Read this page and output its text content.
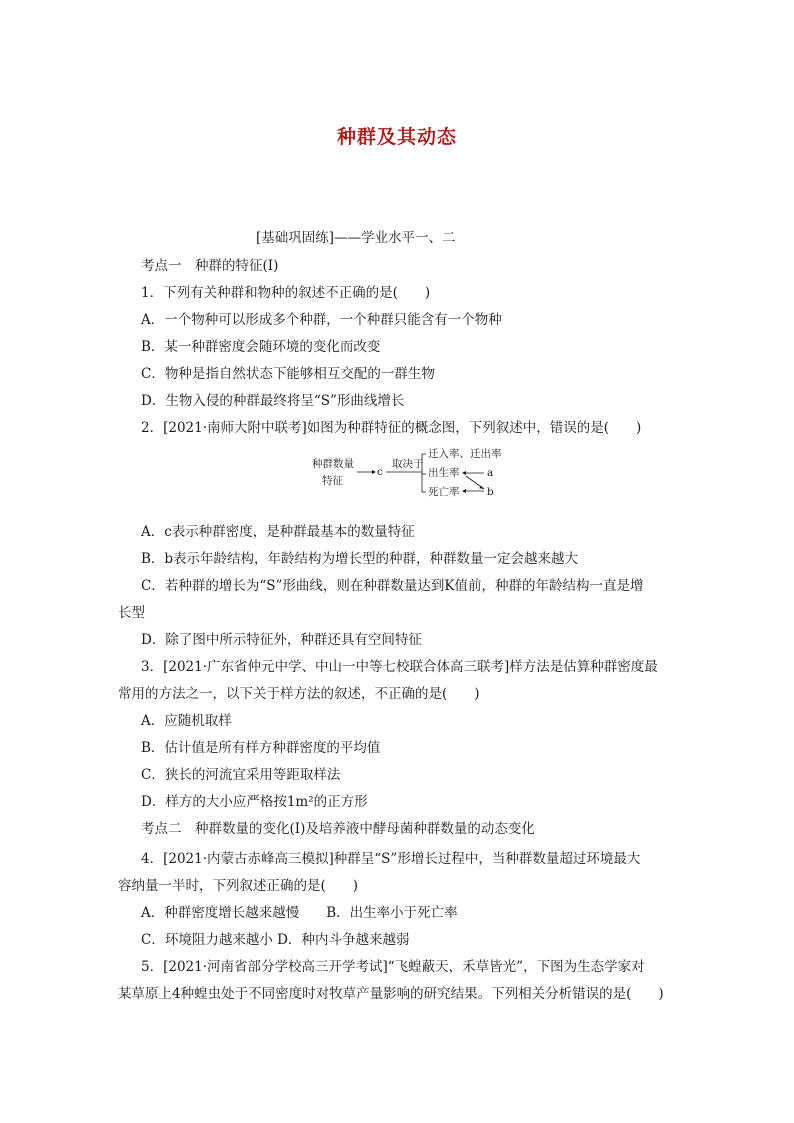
种群及其动态
[基础巩固练]——学业水平一、二
考点一　种群的特征(Ⅰ)
1．下列有关种群和物种的叙述不正确的是(　　)
A．一个物种可以形成多个种群，一个种群只能含有一个物种
B．某一种群密度会随环境的变化而改变
C．物种是指自然状态下能够相互交配的一群生物
D．生物入侵的种群最终将呈“S”形曲线增长
2．[2021·南师大附中联考]如图为种群特征的概念图，下列叙述中，错误的是(　　)
种群数量
特征
c
取决于
迁入率、迁出率
出生率
死亡率
a
b
A．c表示种群密度，是种群最基本的数量特征
B．b表示年龄结构，年龄结构为增长型的种群，种群数量一定会越来越大
C．若种群的增长为“S”形曲线，则在种群数量达到K值前，种群的年龄结构一直是增
长型
D．除了图中所示特征外，种群还具有空间特征
3．[2021·广东省仲元中学、中山一中等七校联合体高三联考]样方法是估算种群密度最
常用的方法之一，以下关于样方法的叙述，不正确的是(　　)
A．应随机取样
B．估计值是所有样方种群密度的平均值
C．狭长的河流宜采用等距取样法
D．样方的大小应严格按1m²的正方形
考点二　种群数量的变化(Ⅰ)及培养液中酵母菌种群数量的动态变化
4．[2021·内蒙古赤峰高三模拟]种群呈“S”形增长过程中，当种群数量超过环境最大
容纳量一半时，下列叙述正确的是(　　)
A．种群密度增长越来越慢　　B．出生率小于死亡率
C．环境阻力越来越小 D．种内斗争越来越弱
5．[2021·河南省部分学校高三开学考试]“飞蝗蔽天，禾草皆光”，下图为生态学家对
某草原上4种蝗虫处于不同密度时对牧草产量影响的研究结果。下列相关分析错误的是(　　)
